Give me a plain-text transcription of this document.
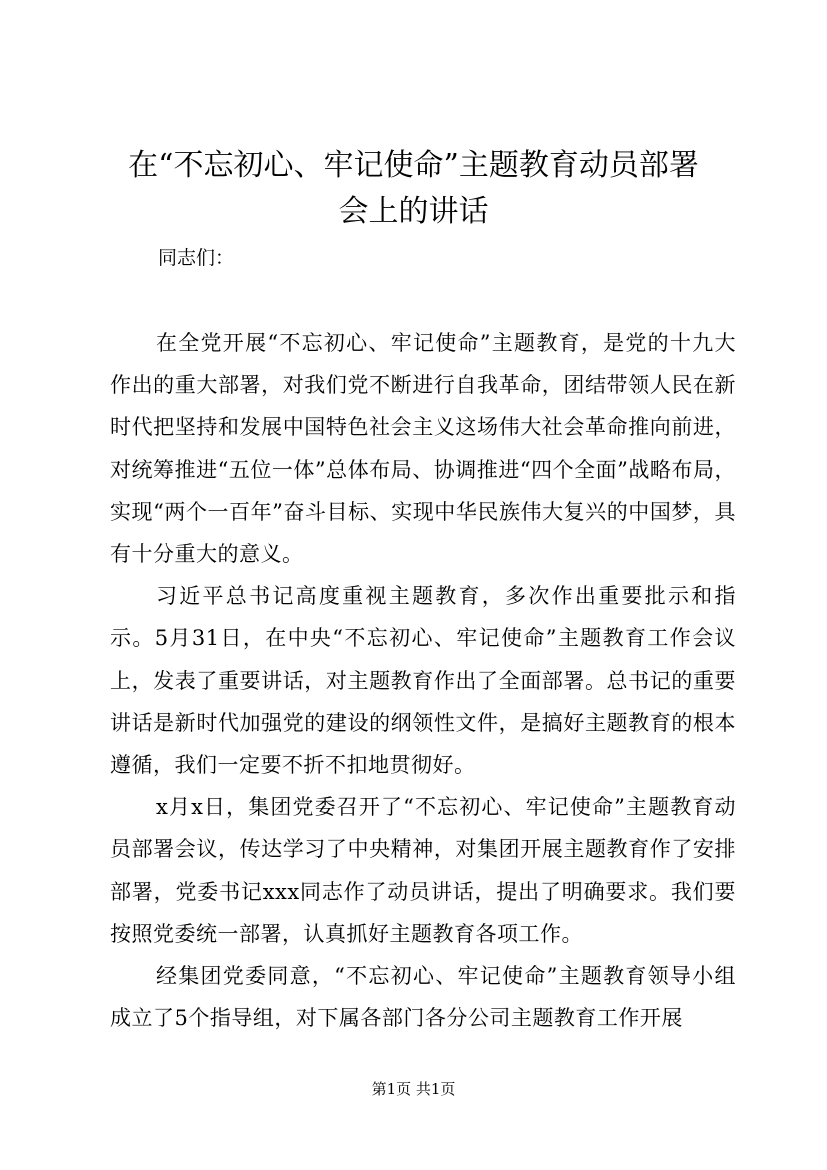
在“不忘初心、牢记使命”主题教育动员部署
会上的讲话

同志们：

在全党开展“不忘初心、牢记使命”主题教育，是党的十九大作出的重大部署，对我们党不断进行自我革命，团结带领人民在新时代把坚持和发展中国特色社会主义这场伟大社会革命推向前进，对统筹推进“五位一体”总体布局、协调推进“四个全面”战略布局，实现“两个一百年”奋斗目标、实现中华民族伟大复兴的中国梦，具有十分重大的意义。

习近平总书记高度重视主题教育，多次作出重要批示和指示。5月31日，在中央“不忘初心、牢记使命”主题教育工作会议上，发表了重要讲话，对主题教育作出了全面部署。总书记的重要讲话是新时代加强党的建设的纲领性文件，是搞好主题教育的根本遵循，我们一定要不折不扣地贯彻好。

x月x日，集团党委召开了“不忘初心、牢记使命”主题教育动员部署会议，传达学习了中央精神，对集团开展主题教育作了安排部署，党委书记xxx同志作了动员讲话，提出了明确要求。我们要按照党委统一部署，认真抓好主题教育各项工作。

经集团党委同意，“不忘初心、牢记使命”主题教育领导小组成立了5个指导组，对下属各部门各分公司主题教育工作开展

第1页 共1页
